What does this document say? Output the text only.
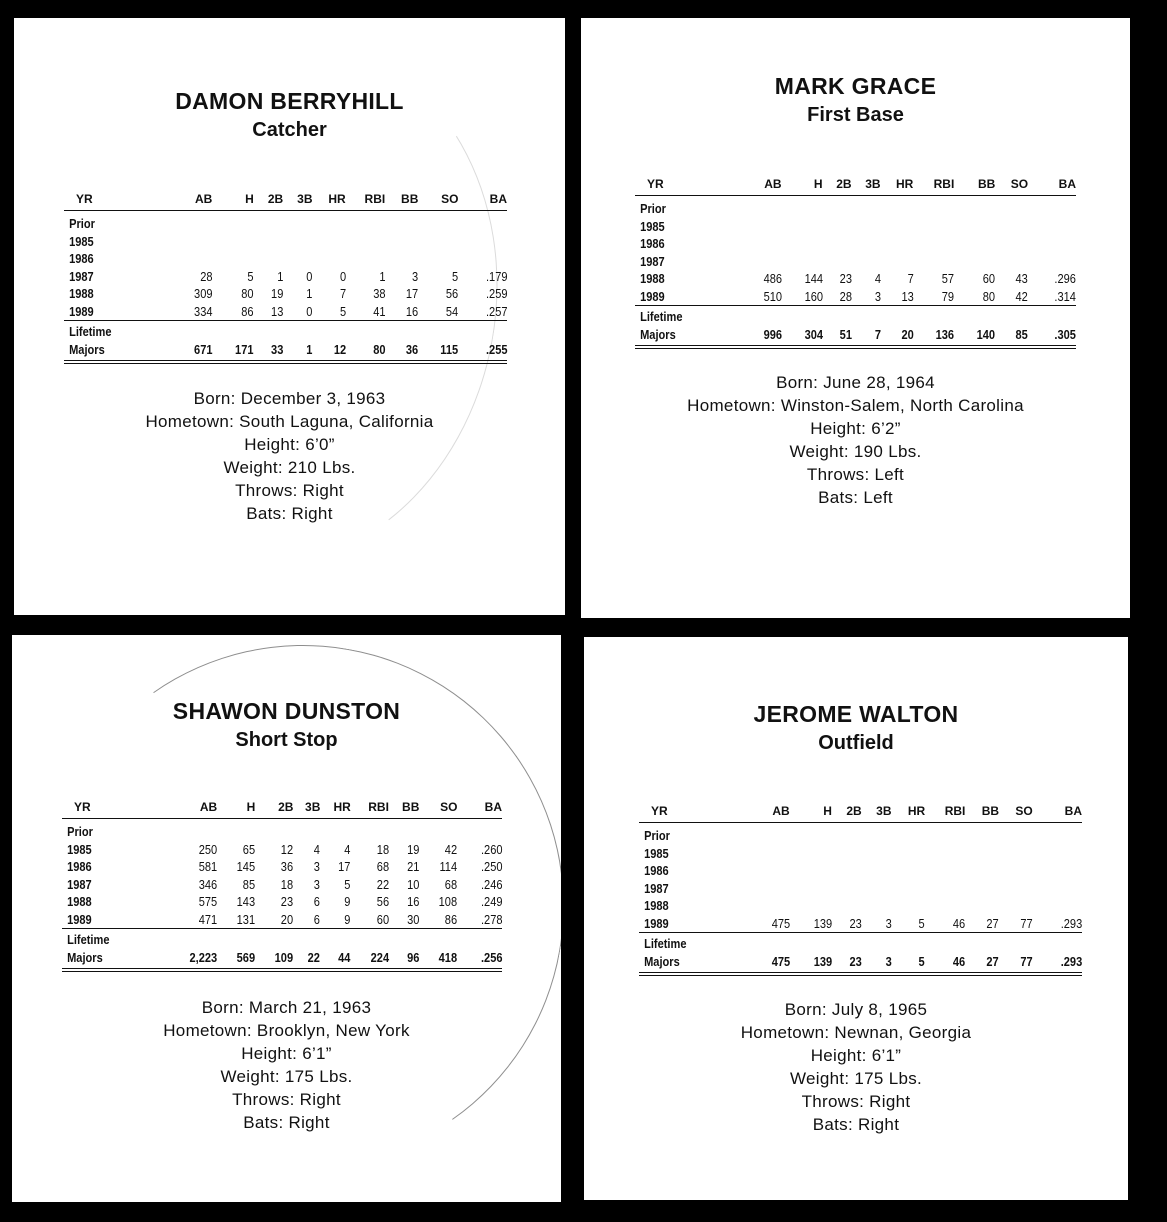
DAMON BERRYHILL
Catcher
YR	AB	H	2B	3B	HR	RBI	BB	SO	BA
Prior									
1985									
1986									
1987	28	5	1	0	0	1	3	5	.179
1988	309	80	19	1	7	38	17	56	.259
1989	334	86	13	0	5	41	16	54	.257
Lifetime									
Majors	671	171	33	1	12	80	36	115	.255
Born: December 3, 1963
Hometown: South Laguna, California
Height: 6’0”
Weight: 210 Lbs.
Throws: Right
Bats: Right
MARK GRACE
First Base
YR	AB	H	2B	3B	HR	RBI	BB	SO	BA
Prior									
1985									
1986									
1987									
1988	486	144	23	4	7	57	60	43	.296
1989	510	160	28	3	13	79	80	42	.314
Lifetime									
Majors	996	304	51	7	20	136	140	85	.305
Born: June 28, 1964
Hometown: Winston-Salem, North Carolina
Height: 6’2”
Weight: 190 Lbs.
Throws: Left
Bats: Left
SHAWON DUNSTON
Short Stop
YR	AB	H	2B	3B	HR	RBI	BB	SO	BA
Prior									
1985	250	65	12	4	4	18	19	42	.260
1986	581	145	36	3	17	68	21	114	.250
1987	346	85	18	3	5	22	10	68	.246
1988	575	143	23	6	9	56	16	108	.249
1989	471	131	20	6	9	60	30	86	.278
Lifetime									
Majors	2,223	569	109	22	44	224	96	418	.256
Born: March 21, 1963
Hometown: Brooklyn, New York
Height: 6’1”
Weight: 175 Lbs.
Throws: Right
Bats: Right
JEROME WALTON
Outfield
YR	AB	H	2B	3B	HR	RBI	BB	SO	BA
Prior									
1985									
1986									
1987									
1988									
1989	475	139	23	3	5	46	27	77	.293
Lifetime									
Majors	475	139	23	3	5	46	27	77	.293
Born: July 8, 1965
Hometown: Newnan, Georgia
Height: 6’1”
Weight: 175 Lbs.
Throws: Right
Bats: Right
